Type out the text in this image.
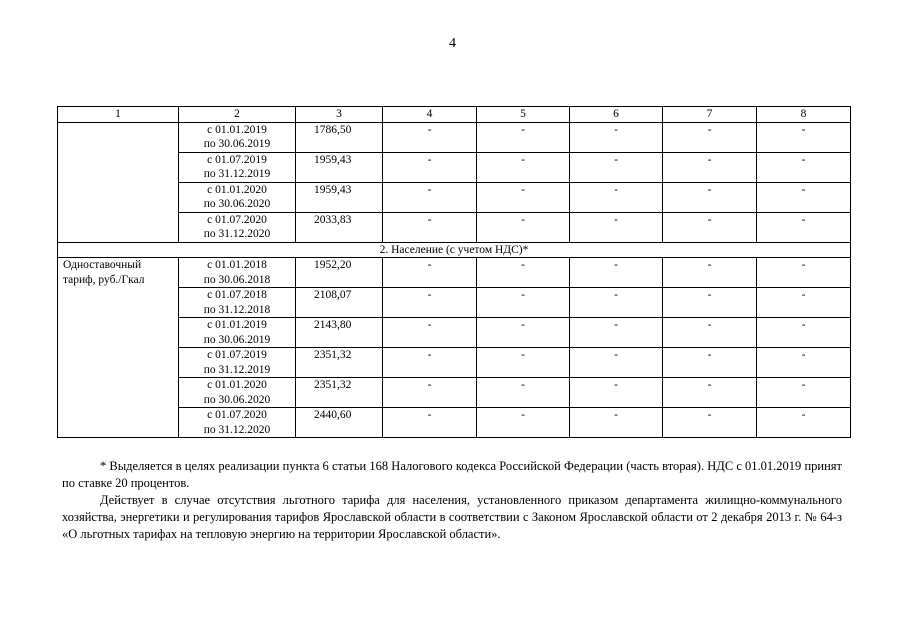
4
1	2	3	4	5	6	7	8

	с 01.01.2019
по 30.06.2019	1786,50	-	-	-	-	-

	с 01.07.2019
по 31.12.2019	1959,43	-	-	-	-	-

	с 01.01.2020
по 30.06.2020	1959,43	-	-	-	-	-

	с 01.07.2020
по 31.12.2020	2033,83	-	-	-	-	-
2. Население (с учетом НДС)*							
Одноставочный тариф, руб./Гкал	с 01.01.2018
по 30.06.2018	1952,20	-	-	-	-	-

	с 01.07.2018
по 31.12.2018	2108,07	-	-	-	-	-

	с 01.01.2019
по 30.06.2019	2143,80	-	-	-	-	-

	с 01.07.2019
по 31.12.2019	2351,32	-	-	-	-	-

	с 01.01.2020
по 30.06.2020	2351,32	-	-	-	-	-

	с 01.07.2020
по 31.12.2020	2440,60	-	-	-	-	-

* Выделяется в целях реализации пункта 6 статьи 168 Налогового кодекса Российской Федерации (часть вторая). НДС с 01.01.2019 принят по ставке 20 процентов.

Действует в случае отсутствия льготного тарифа для населения, установленного приказом департамента жилищно-коммунального хозяйства, энергетики и регулирования тарифов Ярославской области в соответствии с Законом Ярославской области от 2 декабря 2013 г. № 64-з «О льготных тарифах на тепловую энергию на территории Ярославской области».
